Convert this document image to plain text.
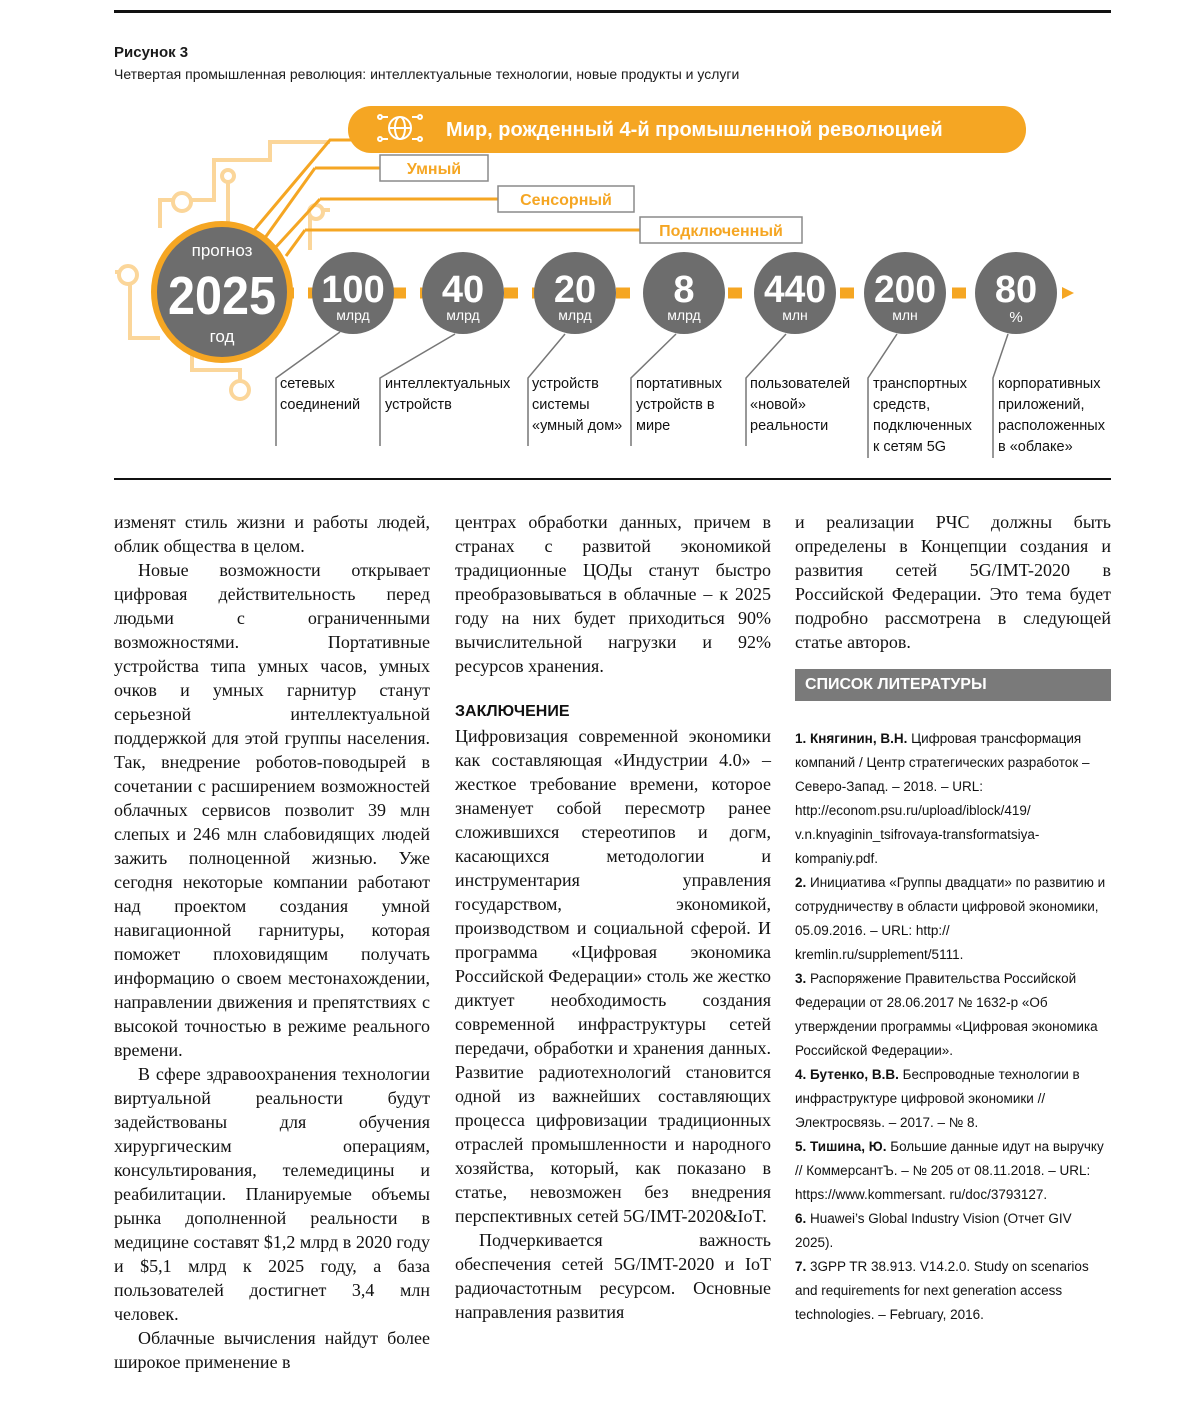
Рисунок 3
Четвертая промышленная революция: интеллектуальные технологии, новые продукты и услуги
Мир, рожденный 4-й промышленной революцией
Умный
Сенсорный
Подключенный
прогноз
2025
год
100
млрд
40
млрд
20
млрд
8
млрд
440
млн
200
млн
80
%
сетевых
соединений
интеллектуальных
устройств
устройств
системы
«умный дом»
портативных
устройств в
мире
пользователей
«новой»
реальности
транспортных
средств,
подключенных
к сетям 5G
корпоративных
приложений,
расположенных
в «облаке»

изменят стиль жизни и работы людей, облик общества в целом.

Новые возможности открывает цифровая действительность перед людьми с ограниченными возможностями. Портативные устройства типа умных часов, умных очков и умных гарнитур станут серьезной интеллектуальной поддержкой для этой группы населения. Так, внедрение роботов-поводырей в сочетании с расширением возможностей облачных сервисов позволит 39 млн слепых и 246 млн слабовидящих людей зажить полноценной жизнью. Уже сегодня некоторые компании работают над проектом создания умной навигационной гарнитуры, которая поможет плоховидящим получать информацию о своем местонахождении, направлении движения и препятствиях с высокой точностью в режиме реального времени.

В сфере здравоохранения технологии виртуальной реальности будут задействованы для обучения хирургическим операциям, консультирования, телемедицины и реабилитации. Планируемые объемы рынка дополненной реальности в медицине составят $1,2 млрд в 2020 году и $5,1 млрд к 2025 году, а база пользователей достигнет 3,4 млн человек.

Облачные вычисления найдут более широкое применение в

центрах обработки данных, причем в странах с развитой экономикой традиционные ЦОДы станут быстро преобразовываться в облачные – к 2025 году на них будет приходиться 90% вычислительной нагрузки и 92% ресурсов хранения.

ЗАКЛЮЧЕНИЕ

Цифровизация современной экономики как составляющая «Индустрии 4.0» – жесткое требование времени, которое знаменует собой пересмотр ранее сложившихся стереотипов и догм, касающихся методологии и инструментария управления государством, экономикой, производством и социальной сферой. И программа «Цифровая экономика Российской Федерации» столь же жестко диктует необходимость создания современной инфраструктуры сетей передачи, обработки и хранения данных. Развитие радиотехнологий становится одной из важнейших составляющих процесса цифровизации традиционных отраслей промышленности и народного хозяйства, который, как показано в статье, невозможен без внедрения перспективных сетей 5G/IMT-2020&IoT.

Подчеркивается важность обеспечения сетей 5G/IMT-2020 и IoT радиочастотным ресурсом. Основные направления развития

и реализации РЧС должны быть определены в Концепции создания и развития сетей 5G/IMT-2020 в Российской Федерации. Это тема будет подробно рассмотрена в следующей статье авторов.

СПИСОК ЛИТЕРАТУРЫ
1. Княгинин, В.Н. Цифровая трансформация компаний / Центр стратегических разработок – Северо-Запад. – 2018. – URL: http://econom.psu.ru/upload/iblock/419/ v.n.knyaginin_tsifrovaya-transformatsiya-kompaniy.pdf.
2. Инициатива «Группы двадцати» по развитию и сотрудничеству в области цифровой экономики, 05.09.2016. – URL: http:// kremlin.ru/supplement/5111.
3. Распоряжение Правительства Российской Федерации от 28.06.2017 № 1632-р «Об утверждении программы «Цифровая экономика Российской Федерации».
4. Бутенко, В.В. Беспроводные технологии в инфраструктуре цифровой экономики // Электросвязь. – 2017. – № 8.
5. Тишина, Ю. Большие данные идут на выручку // КоммерсантЪ. – № 205 от 08.11.2018. – URL: https://www.kommersant. ru/doc/3793127.
6. Huawei’s Global Industry Vision (Отчет GIV 2025).
7. 3GPP TR 38.913. V14.2.0. Study on scenarios and requirements for next generation access technologies. – February, 2016.
